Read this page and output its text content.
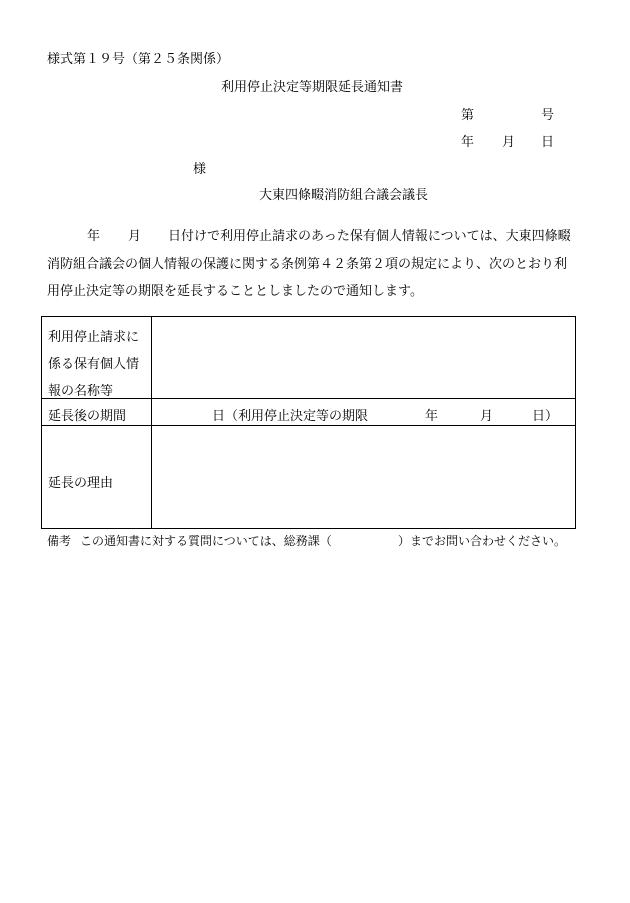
様式第１９号（第２５条関係）
利用停止決定等期限延長通知書
第	号
年 月 日
様
大東四條畷消防組合議会議長
年 月 日付けで利用停止請求のあった保有個人情報については、大東四條畷
消防組合議会の個人情報の保護に関する条例第４２条第２項の規定により、次のとおり利
用停止決定等の期限を延長することとしましたので通知します。
利用停止請求に
係る保有個人情
報の名称等
延長後の期間	日（利用停止決定等の期限	年	月	日）
延長の理由
備考 この通知書に対する質問については、総務課（	）までお問い合わせください。
